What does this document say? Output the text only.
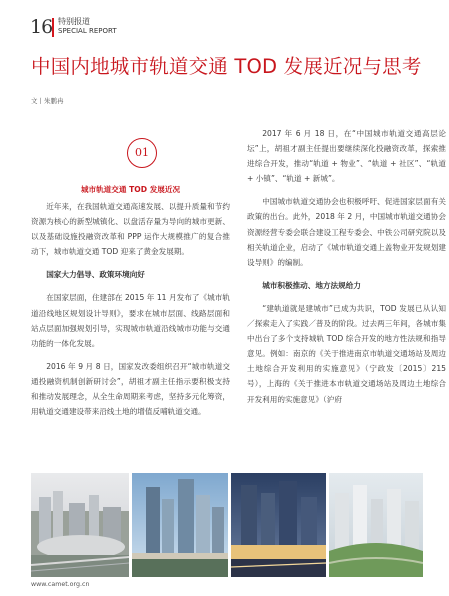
16 特别报道
SPECIAL REPORT
中国内地城市轨道交通 TOD 发展近况与思考
文丨朱鹏冉
01

城市轨道交通 TOD 发展近况

近年来，在我国轨道交通高速发展、以提升质量和节约资源为核心的新型城镇化、以盘活存量为导向的城市更新、以及基础设施投融资改革和 PPP 运作大规模推广的复合推动下，城市轨道交通 TOD 迎来了黄金发展期。

国家大力倡导、政策环境向好

在国家层面，住建部在 2015 年 11 月发布了《城市轨道沿线地区规划设计导则》，要求在城市层面、线路层面和站点层面加强规划引导，实现城市轨道沿线城市功能与交通功能的一体化发展。

2016 年 9 月 8 日，国家发改委组织召开“城市轨道交通投融资机制创新研讨会”，胡祖才副主任指示要积极支持和推动发展理念，从全生命周期来考虑，坚持多元化筹资，用轨道交通建设带来沿线土地的增值反哺轨道交通。

2017 年 6 月 18 日，在“中国城市轨道交通高层论坛”上，胡祖才副主任提出要继续深化投融资改革，探索推进综合开发，推动“轨道 + 物业”、“轨道 + 社区”、“轨道 + 小镇”、“轨道 + 新城”。

中国城市轨道交通协会也积极呼吁、促进国家层面有关政策的出台。此外，2018 年 2 月，中国城市轨道交通协会资源经营专委会联合建设工程专委会、中铁公司研究院以及相关轨道企业，启动了《城市轨道交通上盖物业开发规划建设导则》的编制。

城市积极推动、地方法规给力

“建轨道就是建城市”已成为共识，TOD 发展已从认知／探索走入了实践／普及的阶段。过去两三年间，各城市集中出台了多个支持城轨 TOD 综合开发的地方性法规和指导意见。例如：南京的《关于推进南京市轨道交通场站及周边土地综合开发利用的实施意见》（宁政发〔2015〕215 号），上海的《关于推进本市轨道交通场站及周边土地综合开发利用的实施意见》（沪府

www.camet.org.cn
